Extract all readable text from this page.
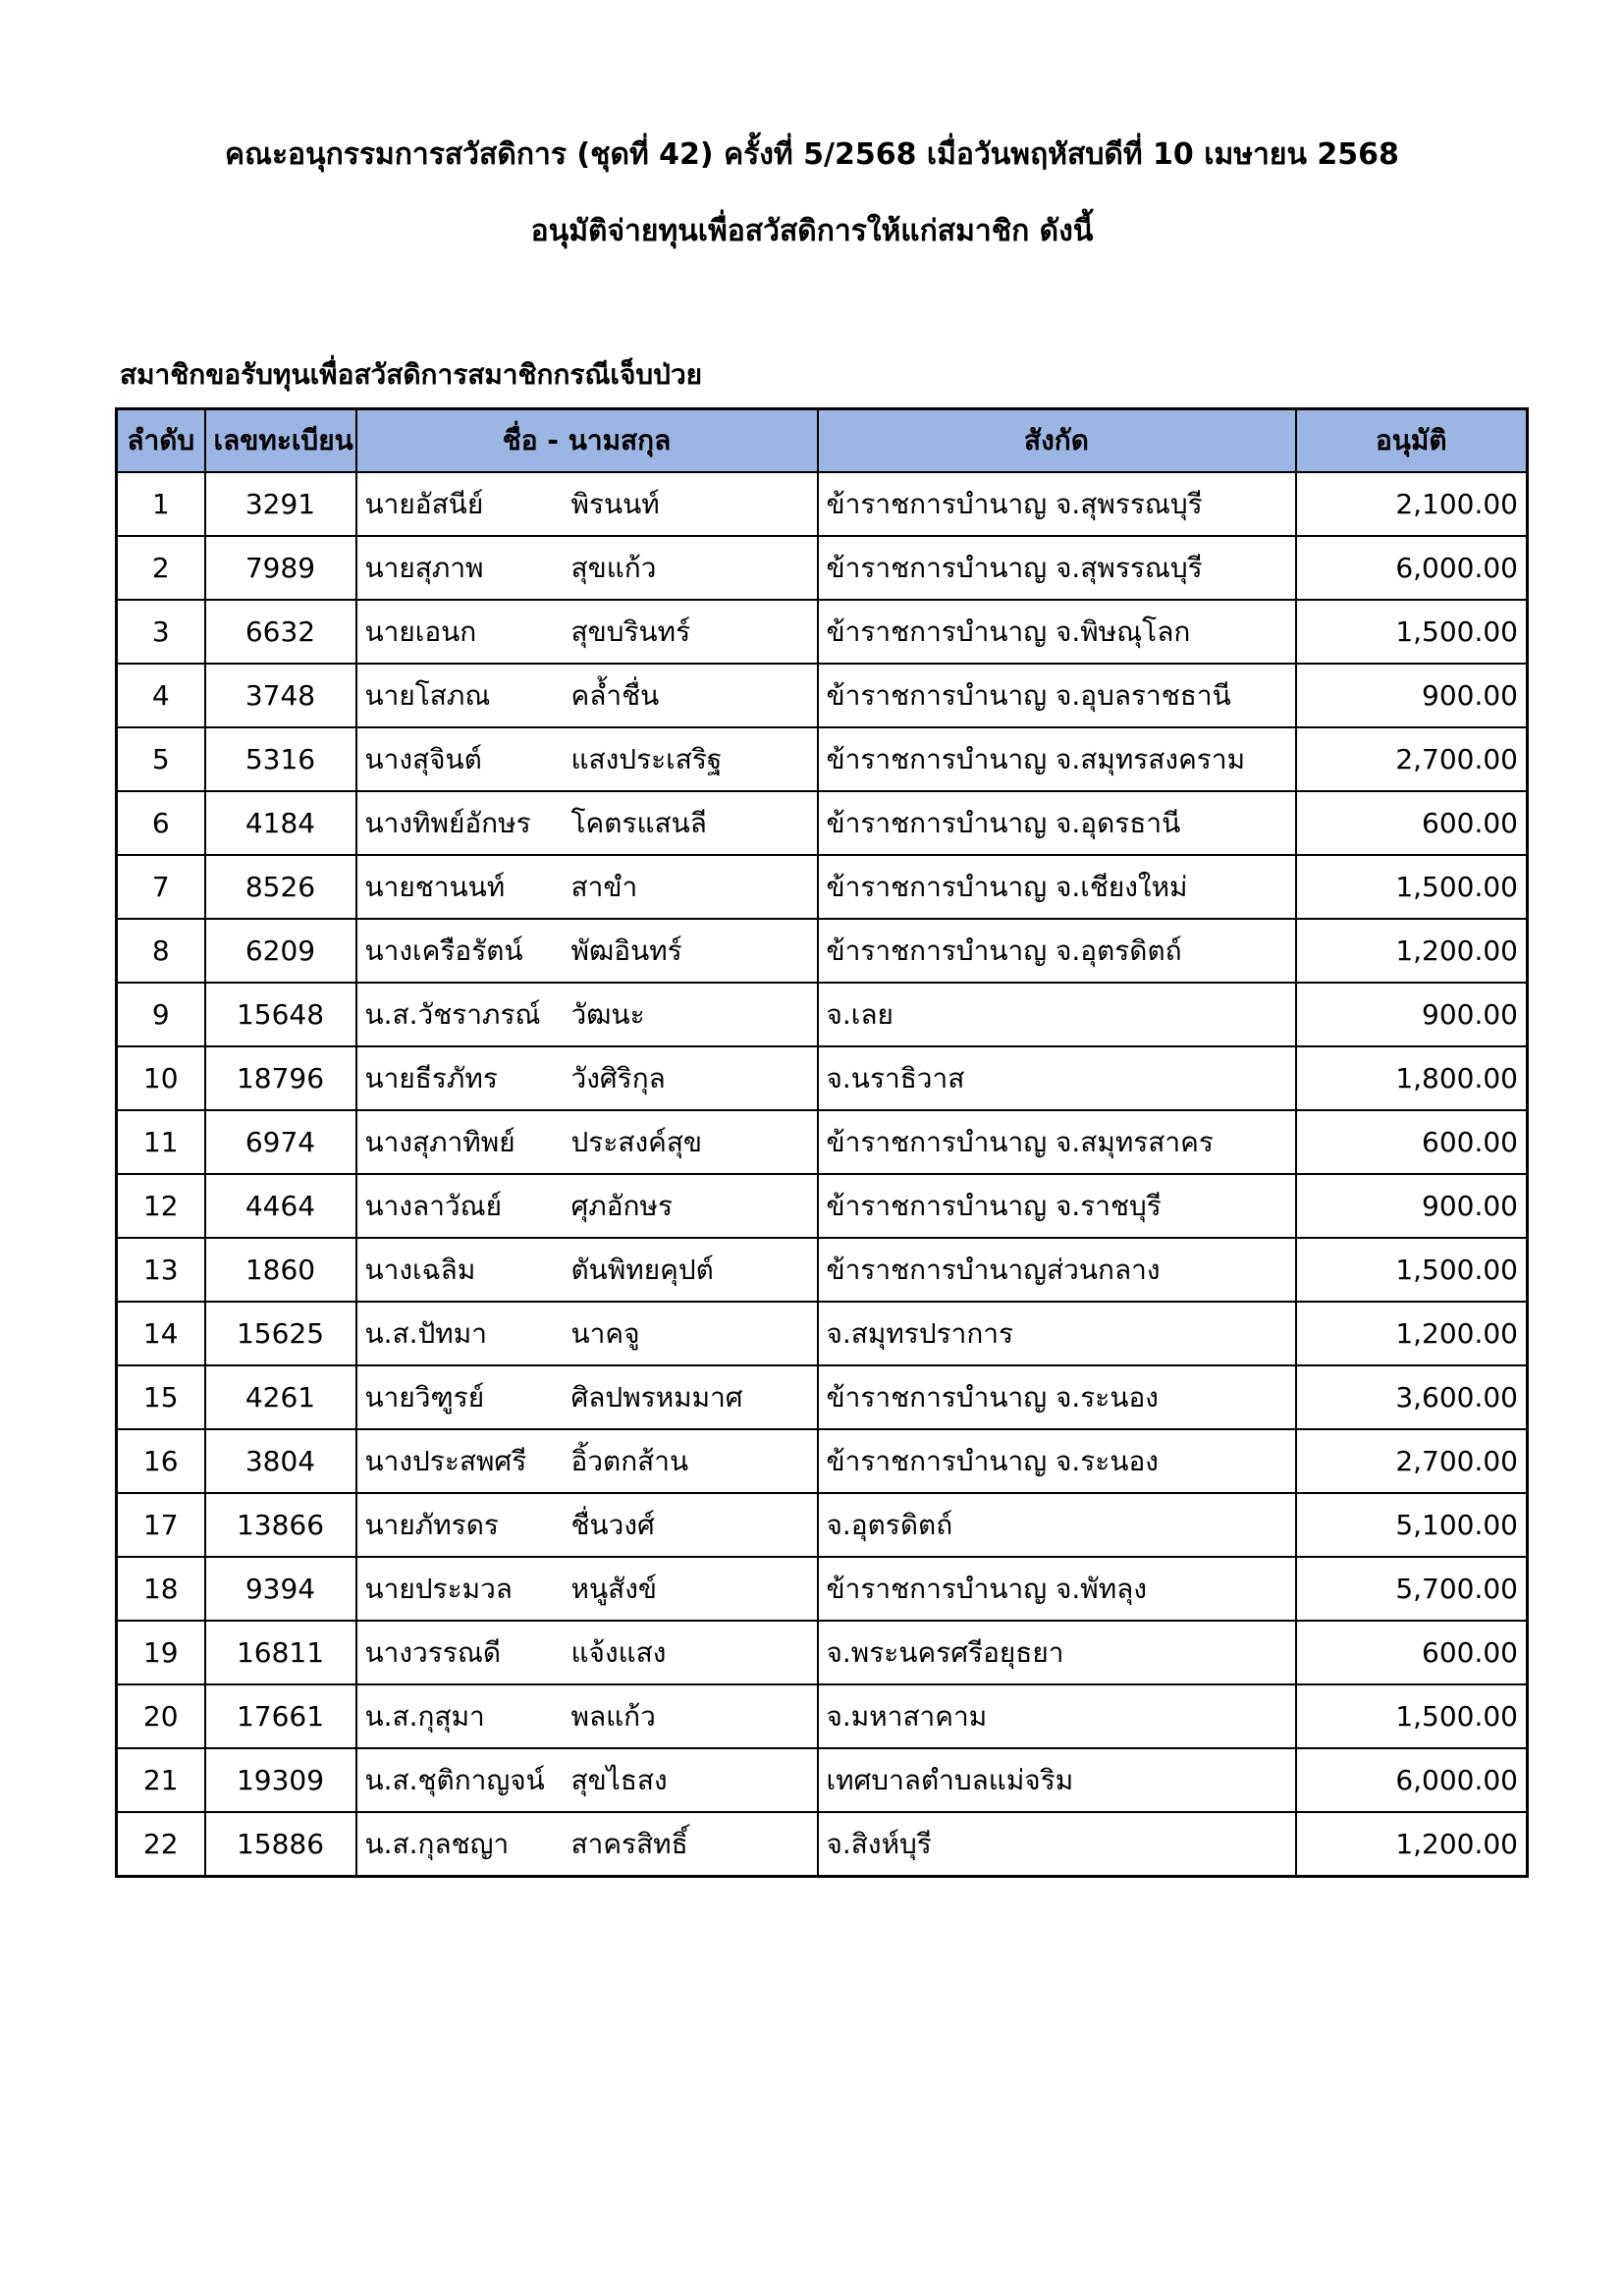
คณะอนุกรรมการสวัสดิการ (ชุดที่ 42) ครั้งที่ 5/2568 เมื่อวันพฤหัสบดีที่ 10 เมษายน 2568
อนุมัติจ่ายทุนเพื่อสวัสดิการให้แก่สมาชิก ดังนี้
สมาชิกขอรับทุนเพื่อสวัสดิการสมาชิกกรณีเจ็บป่วย
ลำดับ	เลขทะเบียน	ชื่อ - นามสกุล	สังกัด	อนุมัติ
1	3291	นายอัสนีย์ พิรนนท์	ข้าราชการบำนาญ จ.สุพรรณบุรี	2,100.00
2	7989	นายสุภาพ สุขแก้ว	ข้าราชการบำนาญ จ.สุพรรณบุรี	6,000.00
3	6632	นายเอนก สุขบรินทร์	ข้าราชการบำนาญ จ.พิษณุโลก	1,500.00
4	3748	นายโสภณ คล้ำชื่น	ข้าราชการบำนาญ จ.อุบลราชธานี	900.00
5	5316	นางสุจินต์ แสงประเสริฐ	ข้าราชการบำนาญ จ.สมุทรสงคราม	2,700.00
6	4184	นางทิพย์อักษร โคตรแสนลี	ข้าราชการบำนาญ จ.อุดรธานี	600.00
7	8526	นายชานนท์ สาขำ	ข้าราชการบำนาญ จ.เชียงใหม่	1,500.00
8	6209	นางเครือรัตน์ พัฒอินทร์	ข้าราชการบำนาญ จ.อุตรดิตถ์	1,200.00
9	15648	น.ส.วัชราภรณ์ วัฒนะ	จ.เลย	900.00
10	18796	นายธีรภัทร วังศิริกุล	จ.นราธิวาส	1,800.00
11	6974	นางสุภาทิพย์ ประสงค์สุข	ข้าราชการบำนาญ จ.สมุทรสาคร	600.00
12	4464	นางลาวัณย์ ศุภอักษร	ข้าราชการบำนาญ จ.ราชบุรี	900.00
13	1860	นางเฉลิม ตันพิทยคุปต์	ข้าราชการบำนาญส่วนกลาง	1,500.00
14	15625	น.ส.ปัทมา นาคจู	จ.สมุทรปราการ	1,200.00
15	4261	นายวิฑูรย์ ศิลปพรหมมาศ	ข้าราชการบำนาญ จ.ระนอง	3,600.00
16	3804	นางประสพศรี อิ้วตกส้าน	ข้าราชการบำนาญ จ.ระนอง	2,700.00
17	13866	นายภัทรดร ชื่นวงศ์	จ.อุตรดิตถ์	5,100.00
18	9394	นายประมวล หนูสังข์	ข้าราชการบำนาญ จ.พัทลุง	5,700.00
19	16811	นางวรรณดี แจ้งแสง	จ.พระนครศรีอยุธยา	600.00
20	17661	น.ส.กุสุมา พลแก้ว	จ.มหาสาคาม	1,500.00
21	19309	น.ส.ชุติกาญจน์ สุขไธสง	เทศบาลตำบลแม่จริม	6,000.00
22	15886	น.ส.กุลชญา สาครสิทธิ์	จ.สิงห์บุรี	1,200.00
